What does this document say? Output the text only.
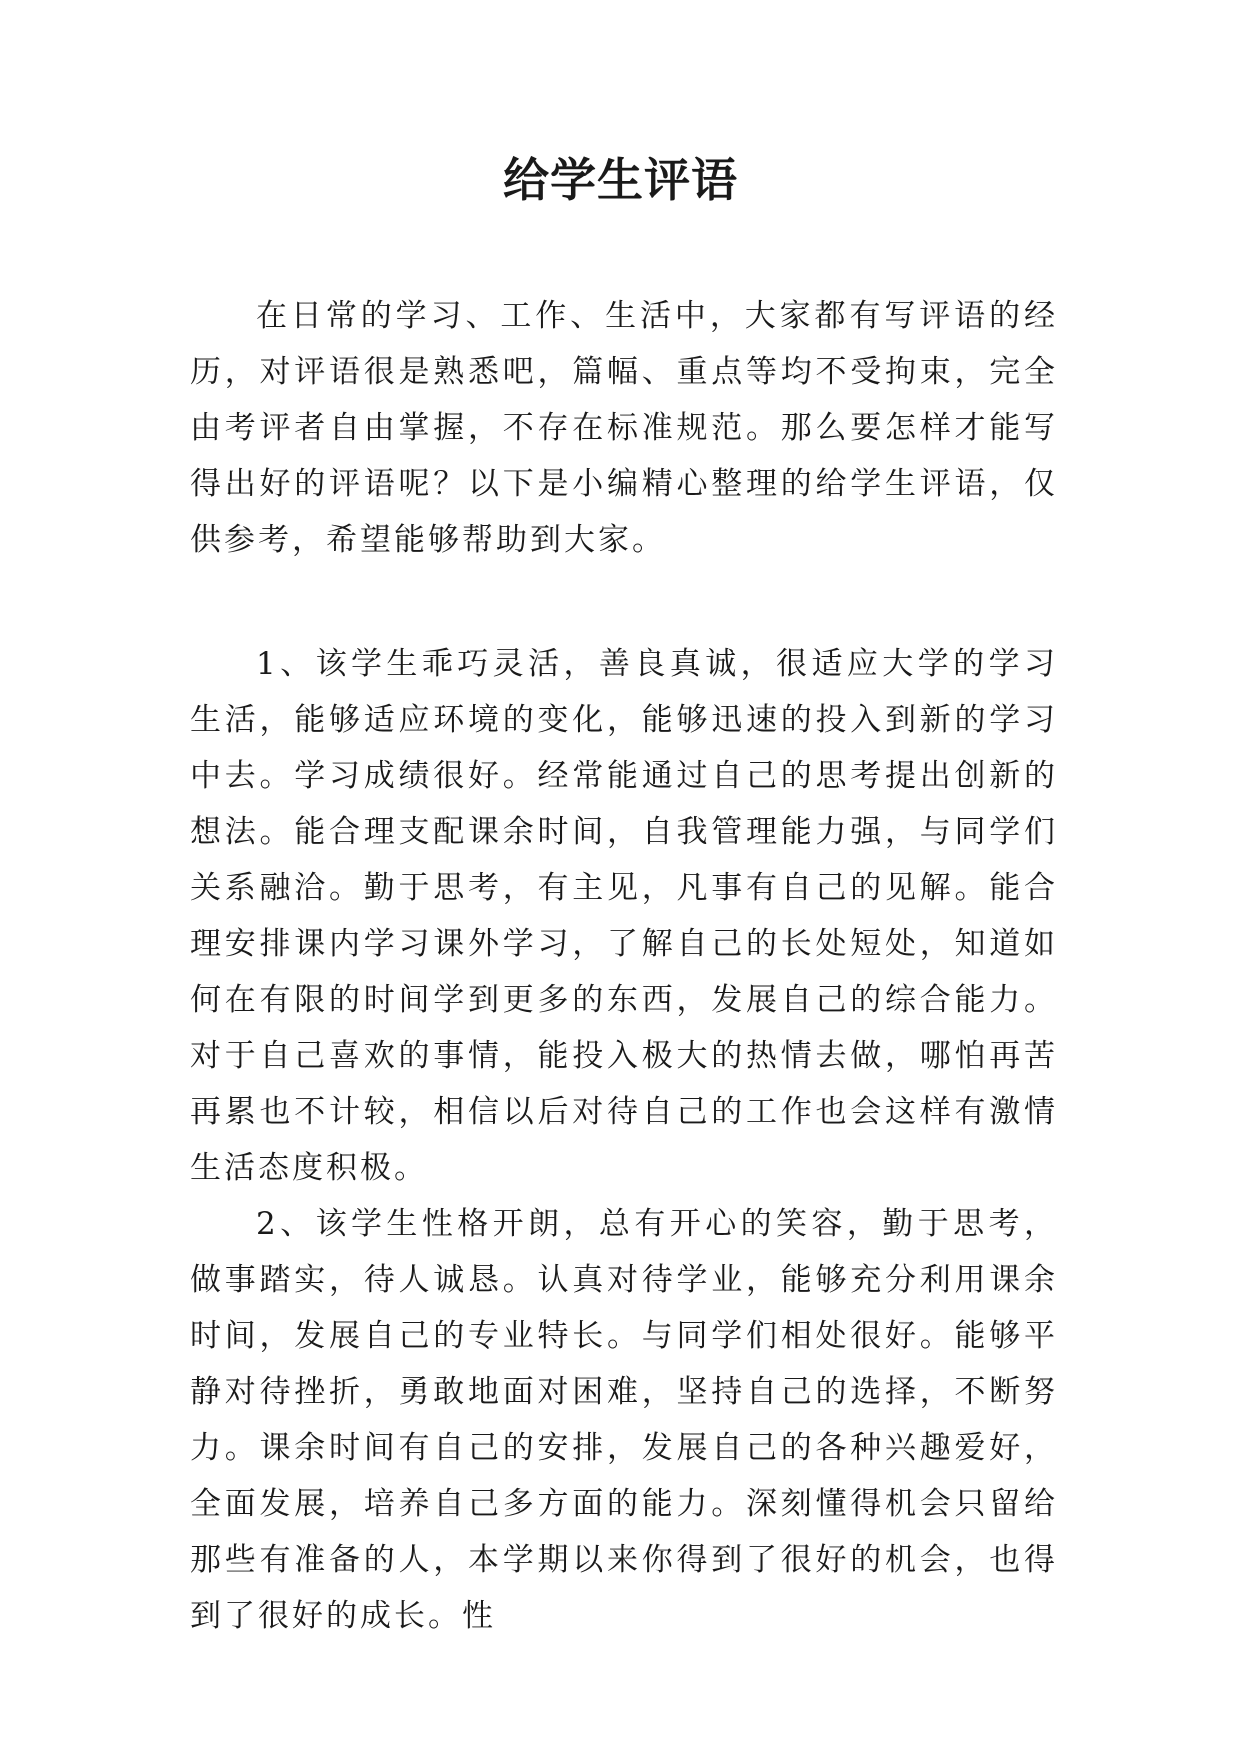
给学生评语

在日常的学习、工作、生活中，大家都有写评语的经历，对评语很是熟悉吧，篇幅、重点等均不受拘束，完全由考评者自由掌握，不存在标准规范。那么要怎样才能写得出好的评语呢？以下是小编精心整理的给学生评语，仅供参考，希望能够帮助到大家。

1、该学生乖巧灵活，善良真诚，很适应大学的学习生活，能够适应环境的变化，能够迅速的投入到新的学习中去。学习成绩很好。经常能通过自己的思考提出创新的想法。能合理支配课余时间，自我管理能力强，与同学们关系融洽。勤于思考，有主见，凡事有自己的见解。能合理安排课内学习课外学习，了解自己的长处短处，知道如何在有限的时间学到更多的东西，发展自己的综合能力。对于自己喜欢的事情，能投入极大的热情去做，哪怕再苦再累也不计较，相信以后对待自己的工作也会这样有激情生活态度积极。

2、该学生性格开朗，总有开心的笑容，勤于思考，做事踏实，待人诚恳。认真对待学业，能够充分利用课余时间，发展自己的专业特长。与同学们相处很好。能够平静对待挫折，勇敢地面对困难，坚持自己的选择，不断努力。课余时间有自己的安排，发展自己的各种兴趣爱好，全面发展，培养自己多方面的能力。深刻懂得机会只留给那些有准备的人，本学期以来你得到了很好的机会，也得到了很好的成长。性
